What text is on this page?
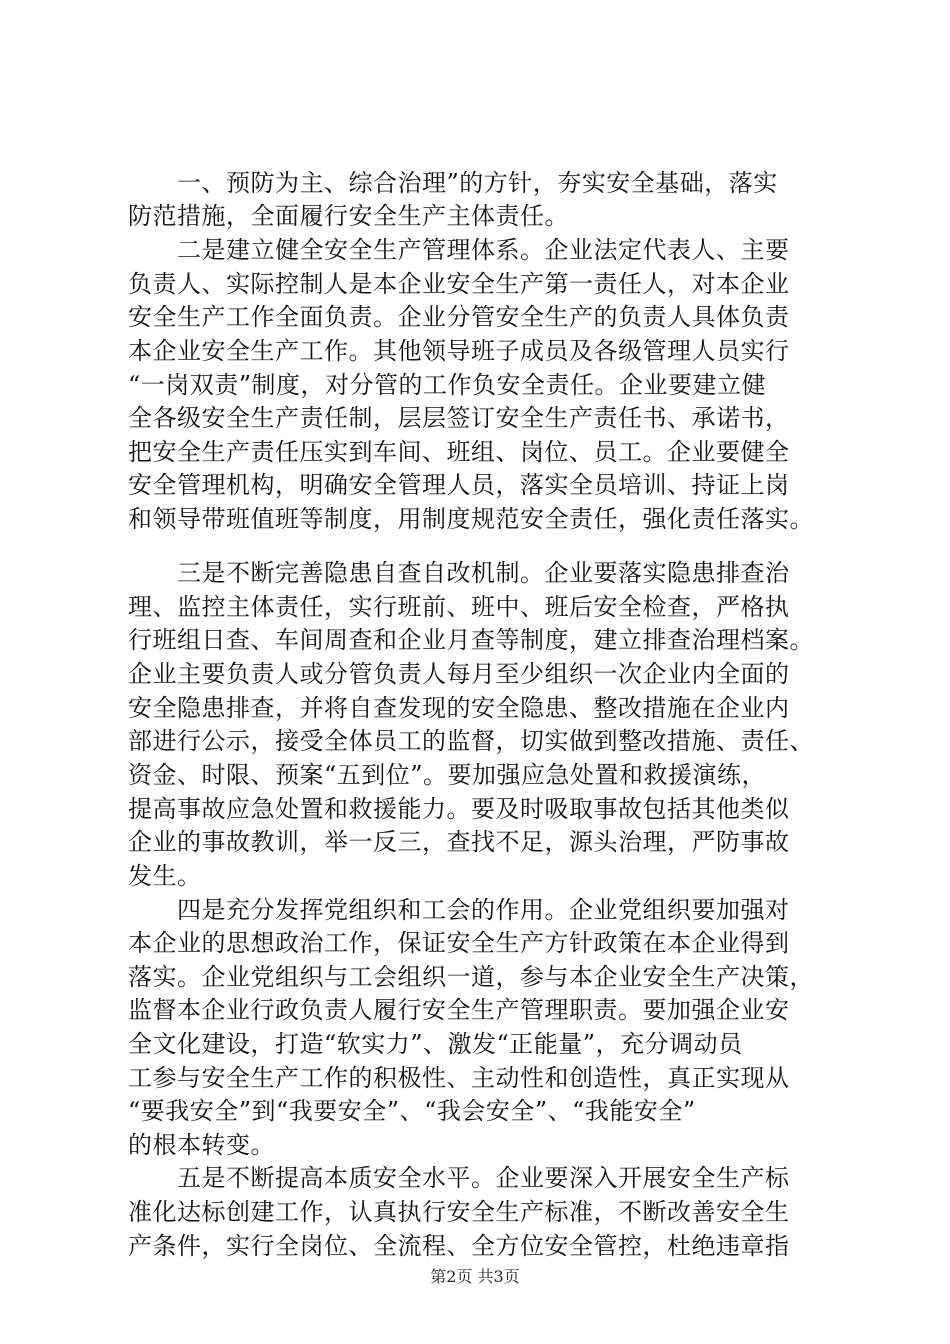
　　一、预防为主、综合治理”的方针，夯实安全基础，落实
防范措施，全面履行安全生产主体责任。
　　二是建立健全安全生产管理体系。企业法定代表人、主要
负责人、实际控制人是本企业安全生产第一责任人，对本企业
安全生产工作全面负责。企业分管安全生产的负责人具体负责
本企业安全生产工作。其他领导班子成员及各级管理人员实行
“一岗双责”制度，对分管的工作负安全责任。企业要建立健
全各级安全生产责任制，层层签订安全生产责任书、承诺书，
把安全生产责任压实到车间、班组、岗位、员工。企业要健全
安全管理机构，明确安全管理人员，落实全员培训、持证上岗
和领导带班值班等制度，用制度规范安全责任，强化责任落实。
　　三是不断完善隐患自查自改机制。企业要落实隐患排查治
理、监控主体责任，实行班前、班中、班后安全检查，严格执
行班组日查、车间周查和企业月查等制度，建立排查治理档案。
企业主要负责人或分管负责人每月至少组织一次企业内全面的
安全隐患排查，并将自查发现的安全隐患、整改措施在企业内
部进行公示，接受全体员工的监督，切实做到整改措施、责任、
资金、时限、预案“五到位”。要加强应急处置和救援演练，
提高事故应急处置和救援能力。要及时吸取事故包括其他类似
企业的事故教训，举一反三，查找不足，源头治理，严防事故
发生。
　　四是充分发挥党组织和工会的作用。企业党组织要加强对
本企业的思想政治工作，保证安全生产方针政策在本企业得到
落实。企业党组织与工会组织一道，参与本企业安全生产决策，
监督本企业行政负责人履行安全生产管理职责。要加强企业安
全文化建设，打造“软实力”、激发“正能量”，充分调动员
工参与安全生产工作的积极性、主动性和创造性，真正实现从
“要我安全”到“我要安全”、“我会安全”、“我能安全”
的根本转变。
　　五是不断提高本质安全水平。企业要深入开展安全生产标
准化达标创建工作，认真执行安全生产标准，不断改善安全生
产条件，实行全岗位、全流程、全方位安全管控，杜绝违章指
第2页 共3页
